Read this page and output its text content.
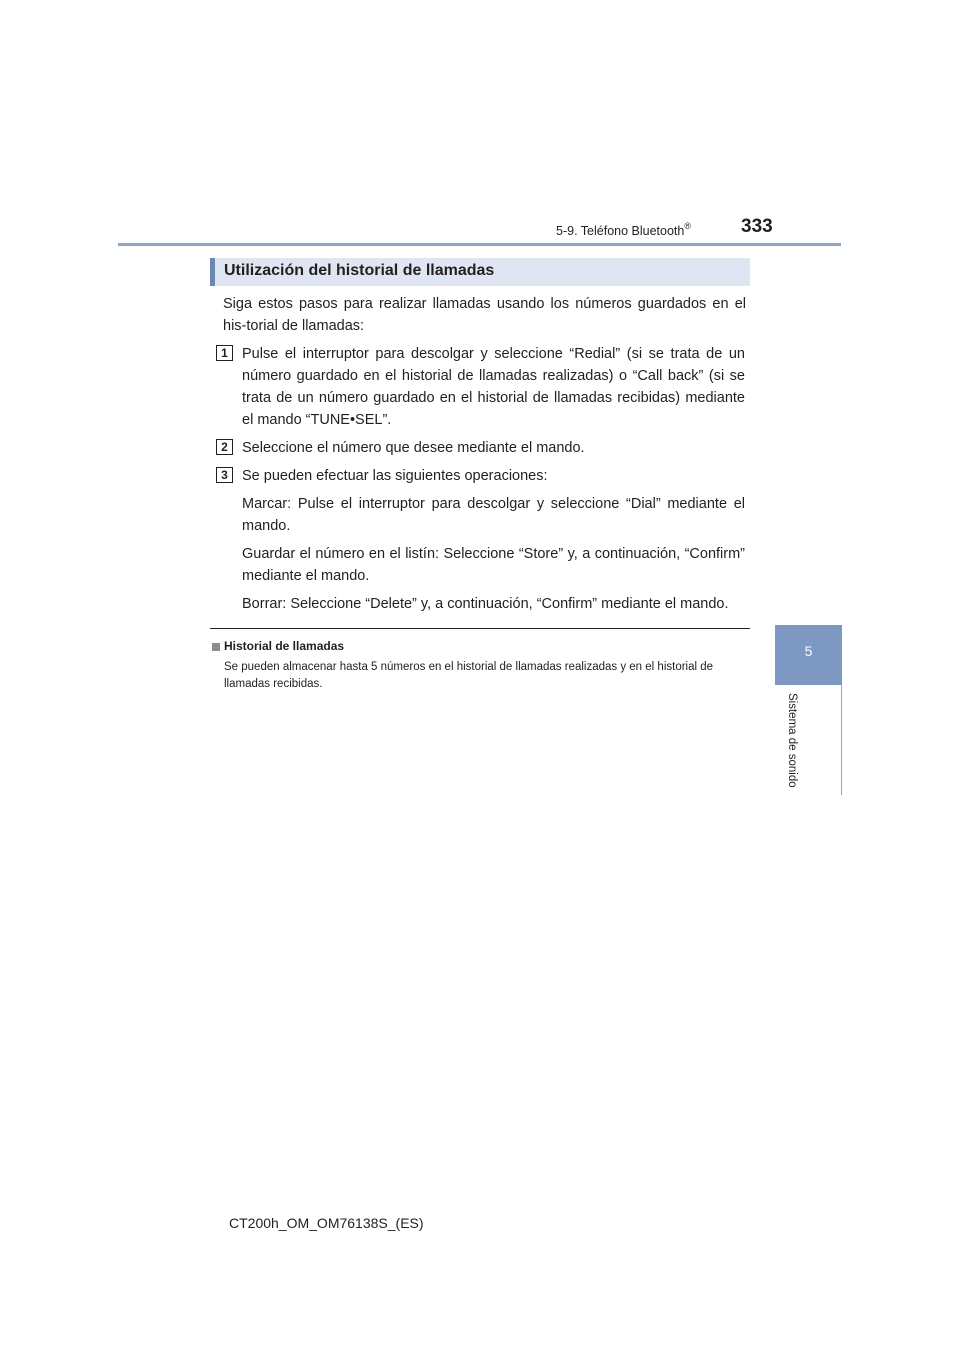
5-9. Teléfono Bluetooth®	333
Utilización del historial de llamadas
Siga estos pasos para realizar llamadas usando los números guardados en el his-torial de llamadas:
1 Pulse el interruptor para descolgar y seleccione “Redial” (si se trata de un número guardado en el historial de llamadas realizadas) o “Call back” (si se trata de un número guardado en el historial de llamadas recibidas) mediante el mando “TUNE•SEL”.
2 Seleccione el número que desee mediante el mando.
3 Se pueden efectuar las siguientes operaciones:
Marcar: Pulse el interruptor para descolgar y seleccione “Dial” mediante el mando.
Guardar el número en el listín: Seleccione “Store” y, a continuación, “Confirm” mediante el mando.
Borrar: Seleccione “Delete” y, a continuación, “Confirm” mediante el mando.
Historial de llamadas
Se pueden almacenar hasta 5 números en el historial de llamadas realizadas y en el historial de llamadas recibidas.
5
Sistema de sonido
CT200h_OM_OM76138S_(ES)
